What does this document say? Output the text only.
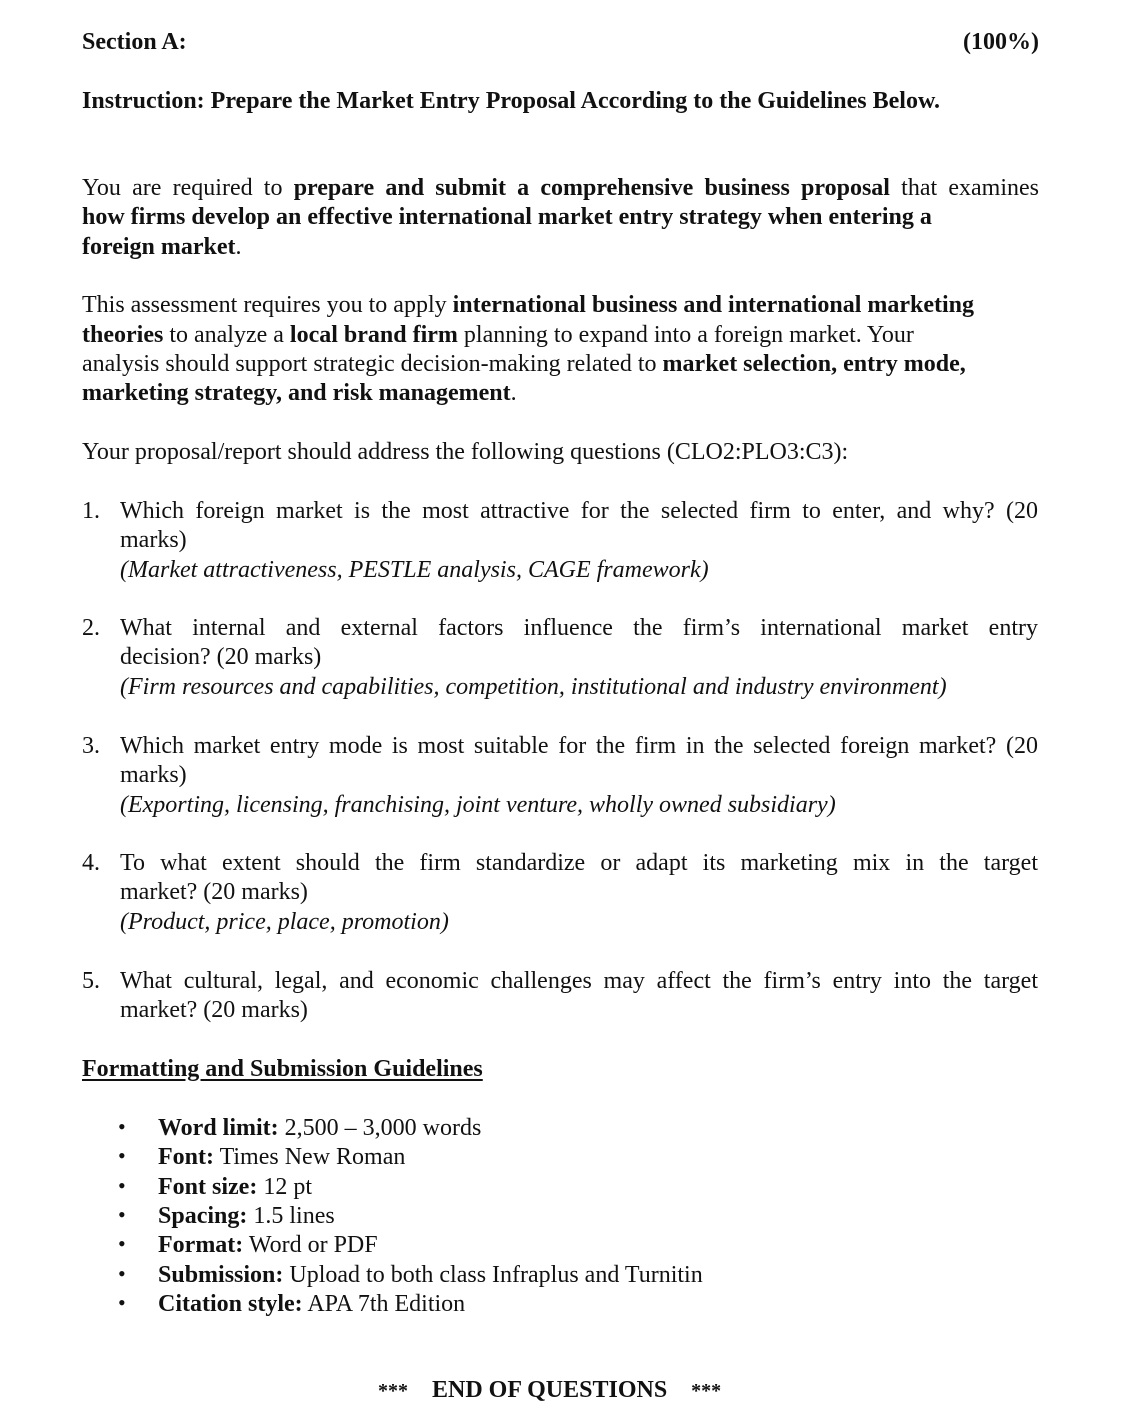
Section A:	(100%)
Instruction: Prepare the Market Entry Proposal According to the Guidelines Below.
You are required to prepare and submit a comprehensive business proposal that examines
how firms develop an effective international market entry strategy when entering a
foreign market.
This assessment requires you to apply international business and international marketing
theories to analyze a local brand firm planning to expand into a foreign market. Your
analysis should support strategic decision-making related to market selection, entry mode,
marketing strategy, and risk management.
Your proposal/report should address the following questions (CLO2:PLO3:C3):
1. Which foreign market is the most attractive for the selected firm to enter, and why? (20
marks)
(Market attractiveness, PESTLE analysis, CAGE framework)
2. What internal and external factors influence the firm’s international market entry
decision? (20 marks)
(Firm resources and capabilities, competition, institutional and industry environment)
3. Which market entry mode is most suitable for the firm in the selected foreign market? (20
marks)
(Exporting, licensing, franchising, joint venture, wholly owned subsidiary)
4. To what extent should the firm standardize or adapt its marketing mix in the target
market? (20 marks)
(Product, price, place, promotion)
5. What cultural, legal, and economic challenges may affect the firm’s entry into the target
market? (20 marks)
Formatting and Submission Guidelines
• Word limit: 2,500 – 3,000 words
• Font: Times New Roman
• Font size: 12 pt
• Spacing: 1.5 lines
• Format: Word or PDF
• Submission: Upload to both class Infraplus and Turnitin
• Citation style: APA 7th Edition
*** END OF QUESTIONS ***
